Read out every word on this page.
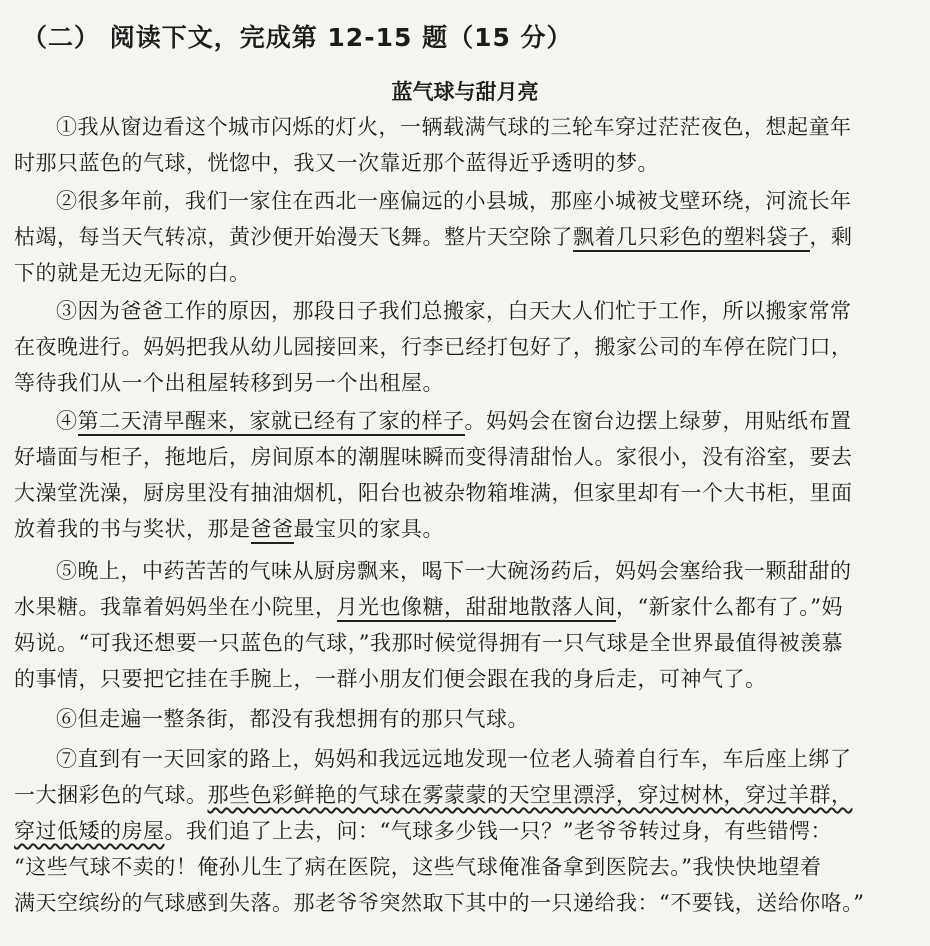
（二） 阅读下文，完成第 12-15 题（15 分）
蓝气球与甜月亮
①我从窗边看这个城市闪烁的灯火，一辆载满气球的三轮车穿过茫茫夜色，想起童年
时那只蓝色的气球，恍惚中，我又一次靠近那个蓝得近乎透明的梦。
②很多年前，我们一家住在西北一座偏远的小县城，那座小城被戈壁环绕，河流长年
枯竭，每当天气转凉，黄沙便开始漫天飞舞。整片天空除了飘着几只彩色的塑料袋子，剩
下的就是无边无际的白。
③因为爸爸工作的原因，那段日子我们总搬家，白天大人们忙于工作，所以搬家常常
在夜晚进行。妈妈把我从幼儿园接回来，行李已经打包好了，搬家公司的车停在院门口，
等待我们从一个出租屋转移到另一个出租屋。
④第二天清早醒来，家就已经有了家的样子。妈妈会在窗台边摆上绿萝，用贴纸布置
好墙面与柜子，拖地后，房间原本的潮腥味瞬而变得清甜怡人。家很小，没有浴室，要去
大澡堂洗澡，厨房里没有抽油烟机，阳台也被杂物箱堆满，但家里却有一个大书柜，里面
放着我的书与奖状，那是爸爸最宝贝的家具。
⑤晚上，中药苦苦的气味从厨房飘来，喝下一大碗汤药后，妈妈会塞给我一颗甜甜的
水果糖。我靠着妈妈坐在小院里，月光也像糖，甜甜地散落人间，“新家什么都有了。”妈
妈说。“可我还想要一只蓝色的气球，”我那时候觉得拥有一只气球是全世界最值得被羡慕
的事情，只要把它挂在手腕上，一群小朋友们便会跟在我的身后走，可神气了。
⑥但走遍一整条街，都没有我想拥有的那只气球。
⑦直到有一天回家的路上，妈妈和我远远地发现一位老人骑着自行车，车后座上绑了
一大捆彩色的气球。那些色彩鲜艳的气球在雾蒙蒙的天空里漂浮，穿过树林，穿过羊群，
穿过低矮的房屋。我们追了上去，问：“气球多少钱一只？”老爷爷转过身，有些错愕：
“这些气球不卖的！俺孙儿生了病在医院，这些气球俺准备拿到医院去。”我快快地望着
满天空缤纷的气球感到失落。那老爷爷突然取下其中的一只递给我：“不要钱，送给你咯。”
